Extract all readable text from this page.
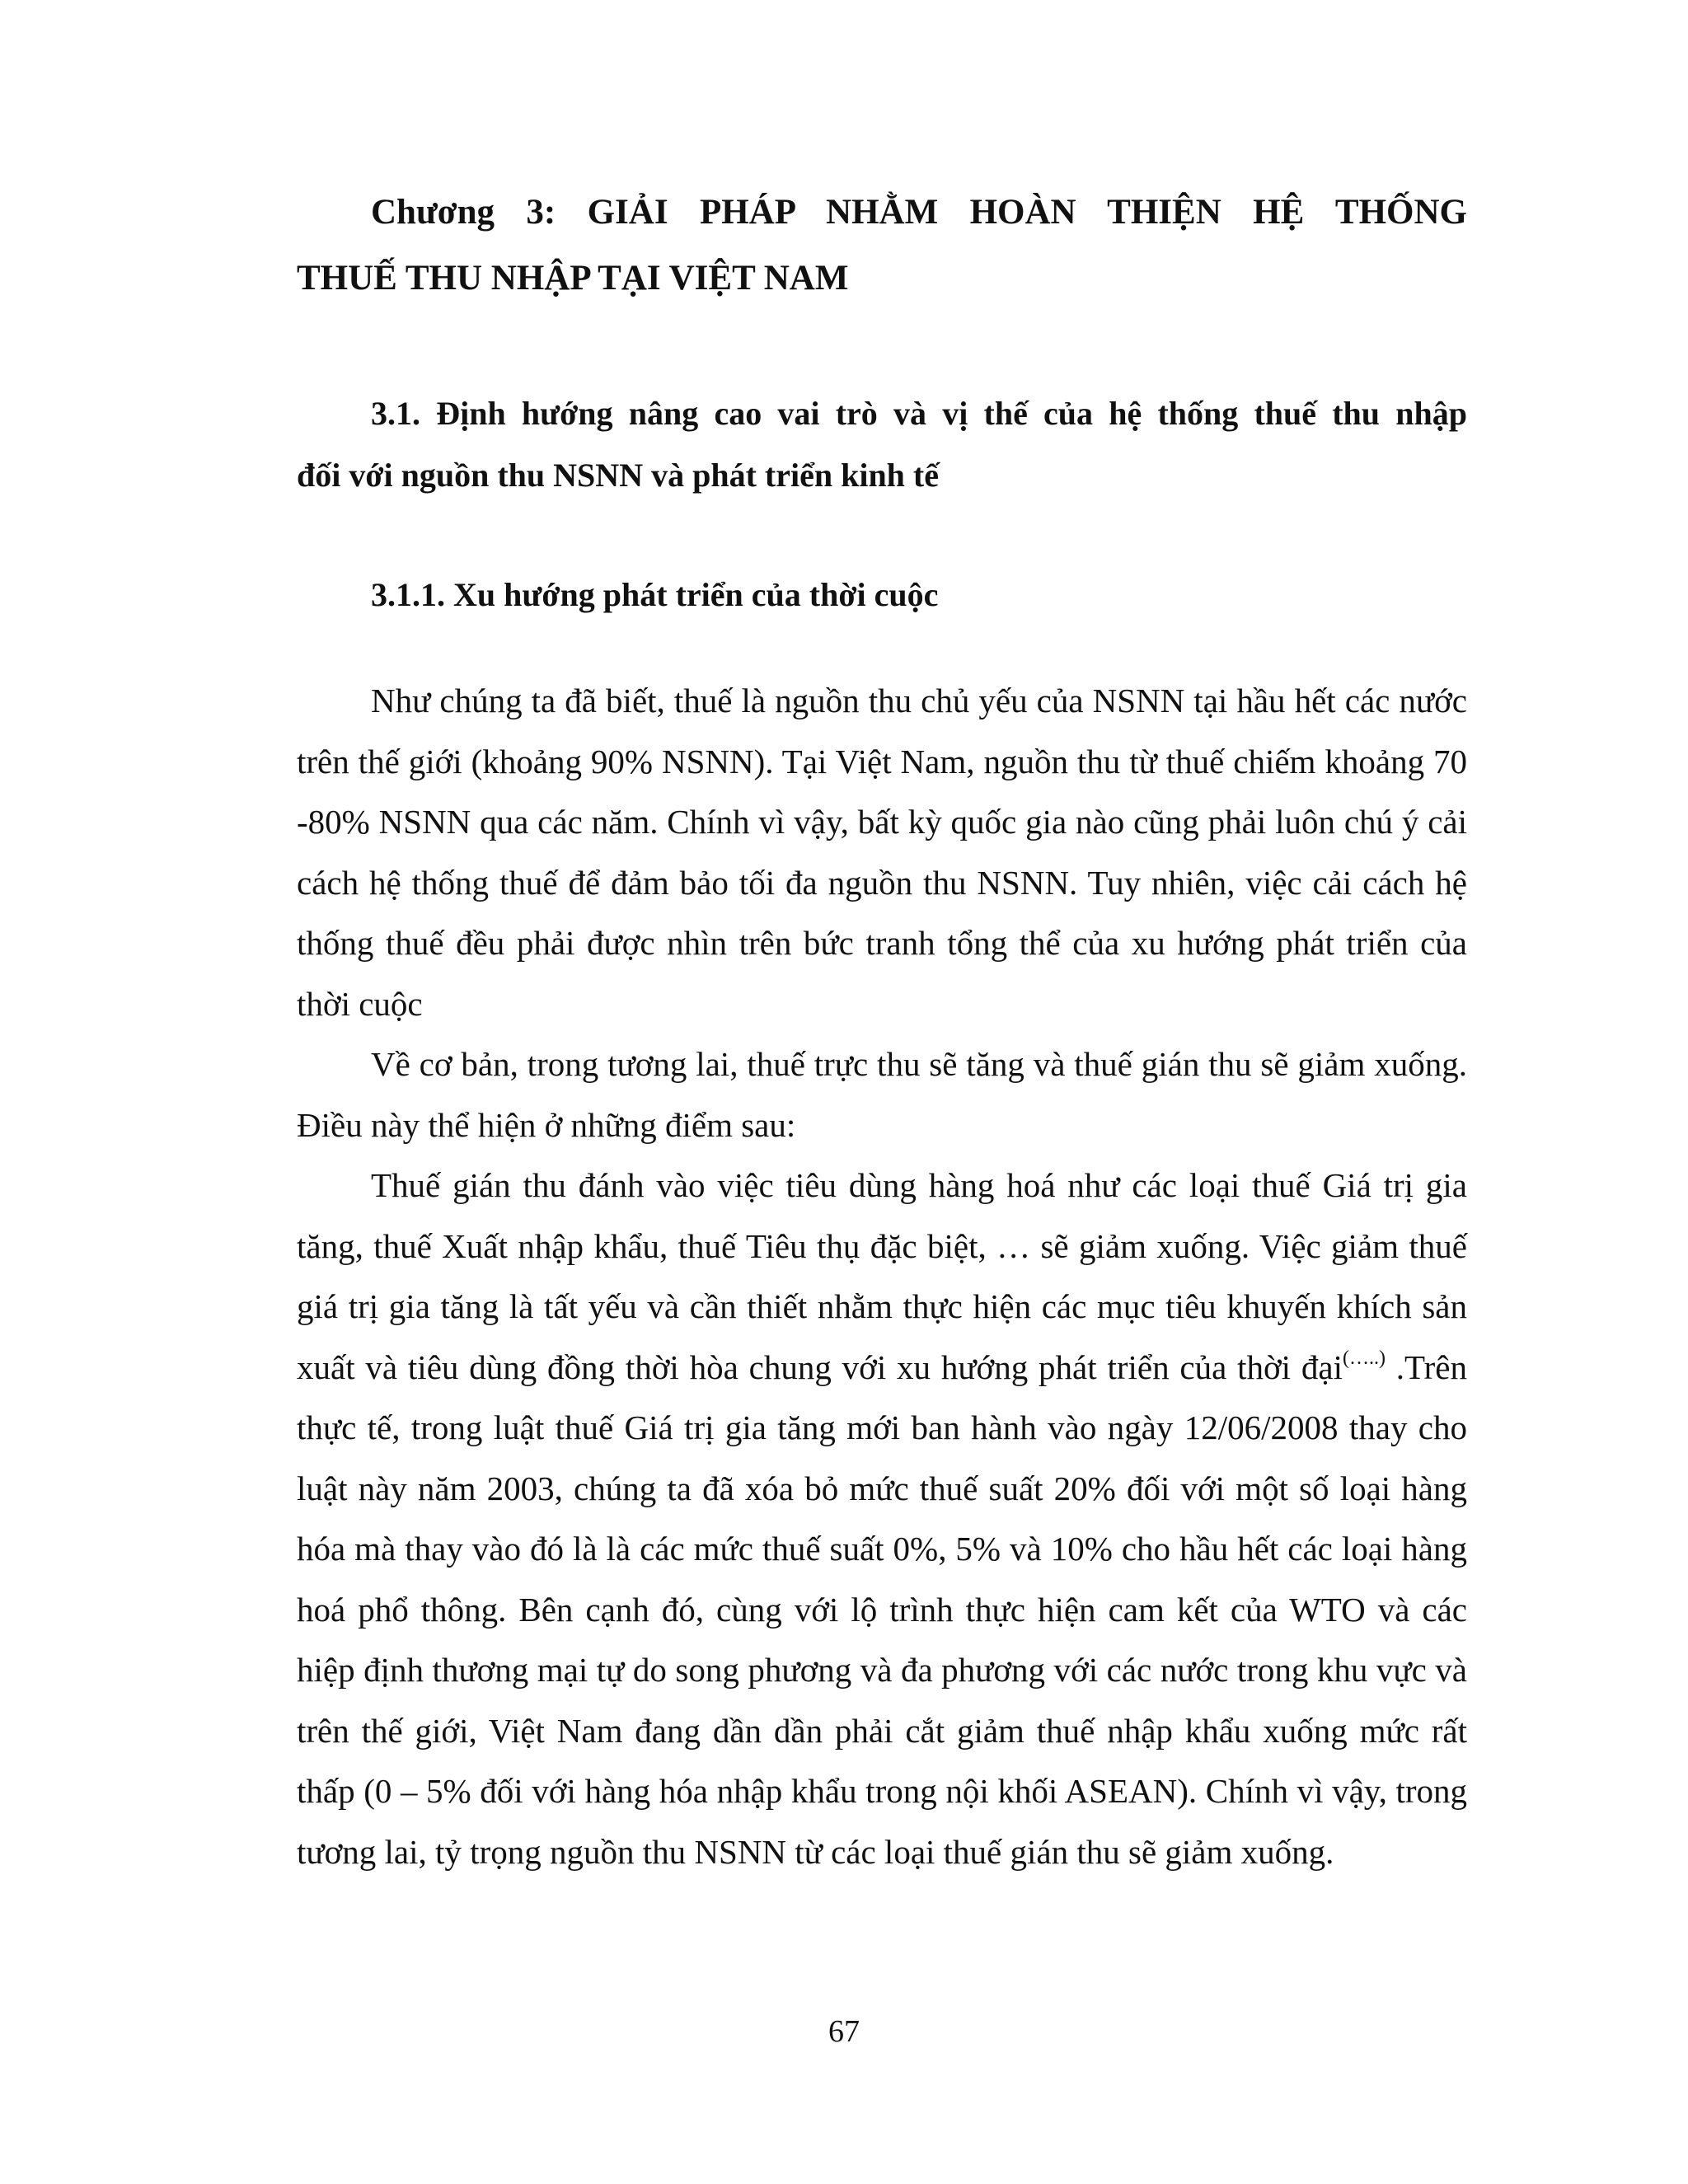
Chương 3: GIẢI PHÁP NHẰM HOÀN THIỆN HỆ THỐNG
THUẾ THU NHẬP TẠI VIỆT NAM
3.1. Định hướng nâng cao vai trò và vị thế của hệ thống thuế thu nhập
đối với nguồn thu NSNN và phát triển kinh tế
3.1.1. Xu hướng phát triển của thời cuộc

Như chúng ta đã biết, thuế là nguồn thu chủ yếu của NSNN tại hầu hết các nước trên thế giới (khoảng 90% NSNN). Tại Việt Nam, nguồn thu từ thuế chiếm khoảng 70 -80% NSNN qua các năm. Chính vì vậy, bất kỳ quốc gia nào cũng phải luôn chú ý cải cách hệ thống thuế để đảm bảo tối đa nguồn thu NSNN. Tuy nhiên, việc cải cách hệ thống thuế đều phải được nhìn trên bức tranh tổng thể của xu hướng phát triển của thời cuộc

Về cơ bản, trong tương lai, thuế trực thu sẽ tăng và thuế gián thu sẽ giảm xuống. Điều này thể hiện ở những điểm sau:

Thuế gián thu đánh vào việc tiêu dùng hàng hoá như các loại thuế Giá trị gia tăng, thuế Xuất nhập khẩu, thuế Tiêu thụ đặc biệt, … sẽ giảm xuống. Việc giảm thuế giá trị gia tăng là tất yếu và cần thiết nhằm thực hiện các mục tiêu khuyến khích sản xuất và tiêu dùng đồng thời hòa chung với xu hướng phát triển của thời đại(…..) .Trên thực tế, trong luật thuế Giá trị gia tăng mới ban hành vào ngày 12/06/2008 thay cho luật này năm 2003, chúng ta đã xóa bỏ mức thuế suất 20% đối với một số loại hàng hóa mà thay vào đó là là các mức thuế suất 0%, 5% và 10% cho hầu hết các loại hàng hoá phổ thông. Bên cạnh đó, cùng với lộ trình thực hiện cam kết của WTO và các hiệp định thương mại tự do song phương và đa phương với các nước trong khu vực và trên thế giới, Việt Nam đang dần dần phải cắt giảm thuế nhập khẩu xuống mức rất thấp (0 – 5% đối với hàng hóa nhập khẩu trong nội khối ASEAN). Chính vì vậy, trong tương lai, tỷ trọng nguồn thu NSNN từ các loại thuế gián thu sẽ giảm xuống.

67
